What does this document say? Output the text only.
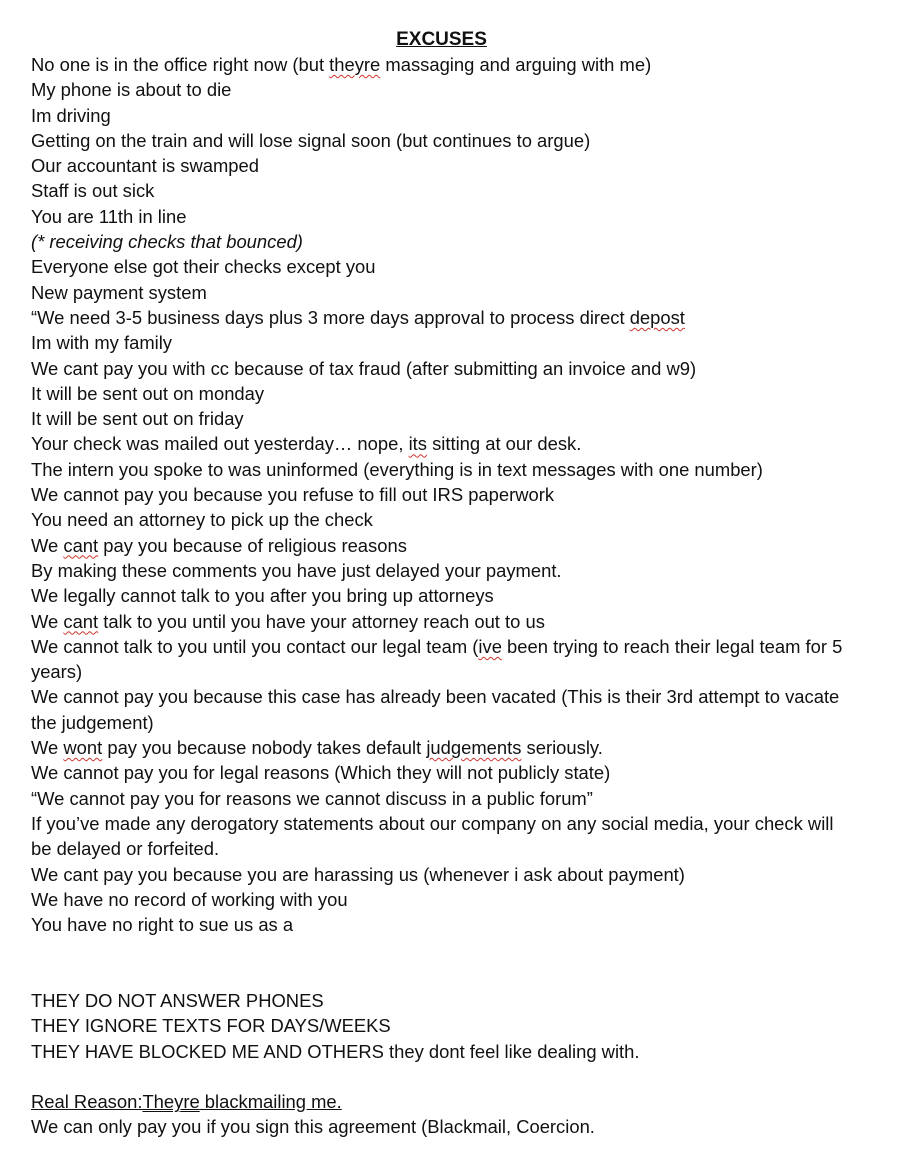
EXCUSES
No one is in the office right now (but theyre massaging and arguing with me)
My phone is about to die
Im driving
Getting on the train and will lose signal soon (but continues to argue)
Our accountant is swamped
Staff is out sick
You are 11th in line
(* receiving checks that bounced)
Everyone else got their checks except you
New payment system
“We need 3-5 business days plus 3 more days approval to process direct depost
Im with my family
We cant pay you with cc because of tax fraud (after submitting an invoice and w9)
It will be sent out on monday
It will be sent out on friday
Your check was mailed out yesterday… nope, its sitting at our desk.
The intern you spoke to was uninformed (everything is in text messages with one number)
We cannot pay you because you refuse to fill out IRS paperwork
You need an attorney to pick up the check
We cant pay you because of religious reasons
By making these comments you have just delayed your payment.
We legally cannot talk to you after you bring up attorneys
We cant talk to you until you have your attorney reach out to us
We cannot talk to you until you contact our legal team (ive been trying to reach their legal team for 5 years)
We cannot pay you because this case has already been vacated (This is their 3rd attempt to vacate the judgement)
We wont pay you because nobody takes default judgements seriously.
We cannot pay you for legal reasons (Which they will not publicly state)
“We cannot pay you for reasons we cannot discuss in a public forum”
If you’ve made any derogatory statements about our company on any social media, your check will be delayed or forfeited.
We cant pay you because you are harassing us (whenever i ask about payment)
We have no record of working with you
You have no right to sue us as a
THEY DO NOT ANSWER PHONES
THEY IGNORE TEXTS FOR DAYS/WEEKS
THEY HAVE BLOCKED ME AND OTHERS they dont feel like dealing with.
Real Reason:Theyre blackmailing me.
We can only pay you if you sign this agreement (Blackmail, Coercion.
